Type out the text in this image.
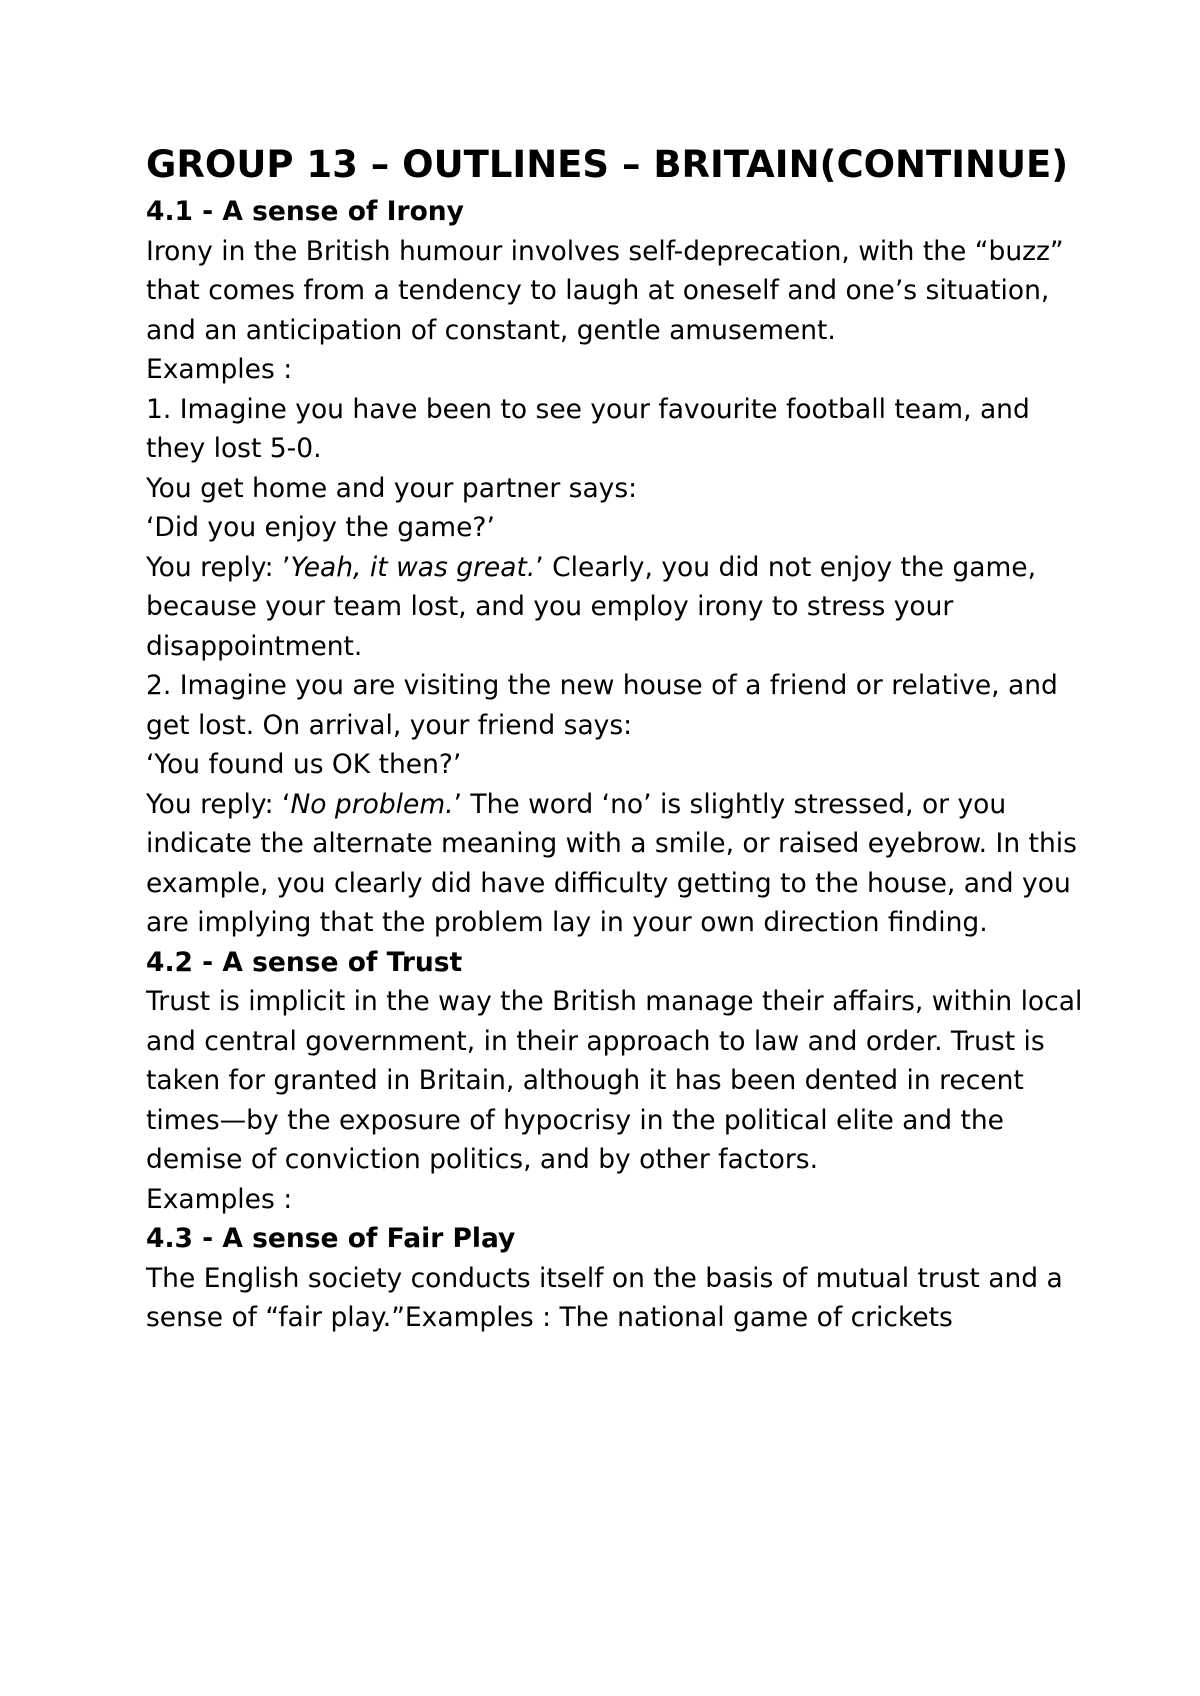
GROUP 13 – OUTLINES – BRITAIN(CONTINUE)

4.1 - A sense of Irony

Irony in the British humour involves self-deprecation, with the “buzz” that comes from a tendency to laugh at oneself and one’s situation, and an anticipation of constant, gentle amusement.

Examples :

1. Imagine you have been to see your favourite football team, and they lost 5-0.

You get home and your partner says:

‘Did you enjoy the game?’

You reply: ’Yeah, it was great.’ Clearly, you did not enjoy the game, because your team lost, and you employ irony to stress your disappointment.

2. Imagine you are visiting the new house of a friend or relative, and get lost. On arrival, your friend says:

‘You found us OK then?’

You reply: ‘No problem.’ The word ‘no’ is slightly stressed, or you indicate the alternate meaning with a smile, or raised eyebrow. In this example, you clearly did have difficulty getting to the house, and you are implying that the problem lay in your own direction finding.

4.2 - A sense of Trust

Trust is implicit in the way the British manage their affairs, within local and central government, in their approach to law and order. Trust is taken for granted in Britain, although it has been dented in recent times—by the exposure of hypocrisy in the political elite and the demise of conviction politics, and by other factors.

Examples :

4.3 - A sense of Fair Play

The English society conducts itself on the basis of mutual trust and a sense of “fair play.”Examples : The national game of crickets
